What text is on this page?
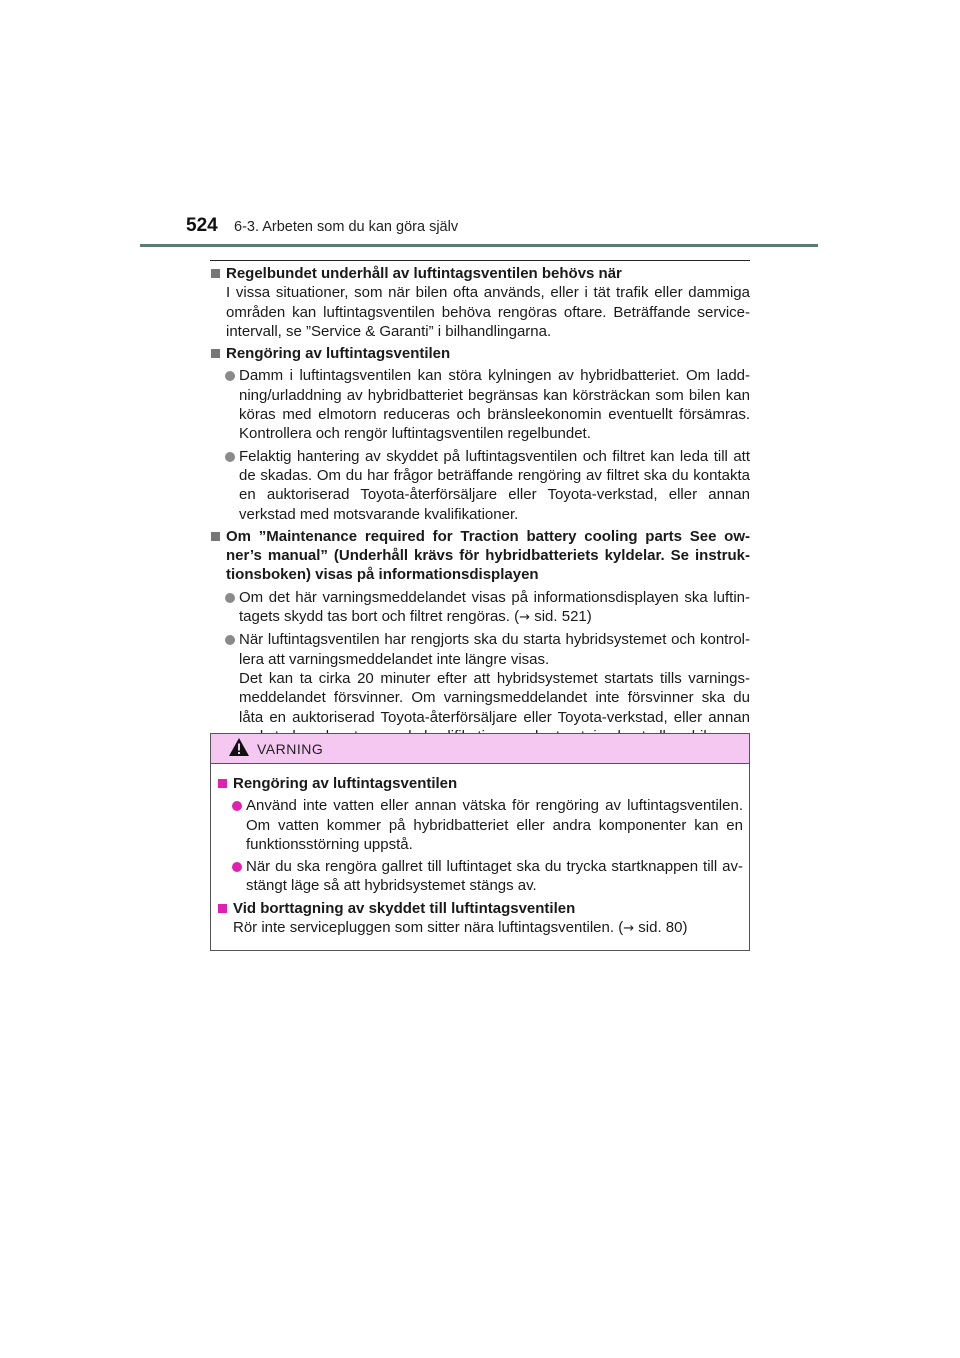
524 6-3. Arbeten som du kan göra själv

Regelbundet underhåll av luftintagsventilen behövs när

I vissa situationer, som när bilen ofta används, eller i tät trafik eller dammiga områden kan luftintagsventilen behöva rengöras oftare. Beträffande service-intervall, se ”Service & Garanti” i bilhandlingarna.

Rengöring av luftintagsventilen

Damm i luftintagsventilen kan störa kylningen av hybridbatteriet. Om ladd-ning/urladdning av hybridbatteriet begränsas kan körsträckan som bilen kan köras med elmotorn reduceras och bränsleekonomin eventuellt försämras. Kontrollera och rengör luftintagsventilen regelbundet.
Felaktig hantering av skyddet på luftintagsventilen och filtret kan leda till att de skadas. Om du har frågor beträffande rengöring av filtret ska du kontakta en auktoriserad Toyota-återförsäljare eller Toyota-verkstad, eller annan verkstad med motsvarande kvalifikationer.

Om ”Maintenance required for Traction battery cooling parts See ow-ner’s manual” (Underhåll krävs för hybridbatteriets kyldelar. Se instruk-tionsboken) visas på informationsdisplayen

Om det här varningsmeddelandet visas på informationsdisplayen ska luftin-tagets skydd tas bort och filtret rengöras. (→ sid. 521)
När luftintagsventilen har rengjorts ska du starta hybridsystemet och kontrol-lera att varningsmeddelandet inte längre visas.
Det kan ta cirka 20 minuter efter att hybridsystemet startats tills varnings-meddelandet försvinner. Om varningsmeddelandet inte försvinner ska du låta en auktoriserad Toyota-återförsäljare eller Toyota-verkstad, eller annan
VARNING

Rengöring av luftintagsventilen

Använd inte vatten eller annan vätska för rengöring av luftintagsventilen. Om vatten kommer på hybridbatteriet eller andra komponenter kan en funktionsstörning uppstå.
När du ska rengöra gallret till luftintaget ska du trycka startknappen till av-stängt läge så att hybridsystemet stängs av.

Vid borttagning av skyddet till luftintagsventilen

Rör inte servicepluggen som sitter nära luftintagsventilen. (→ sid. 80)
